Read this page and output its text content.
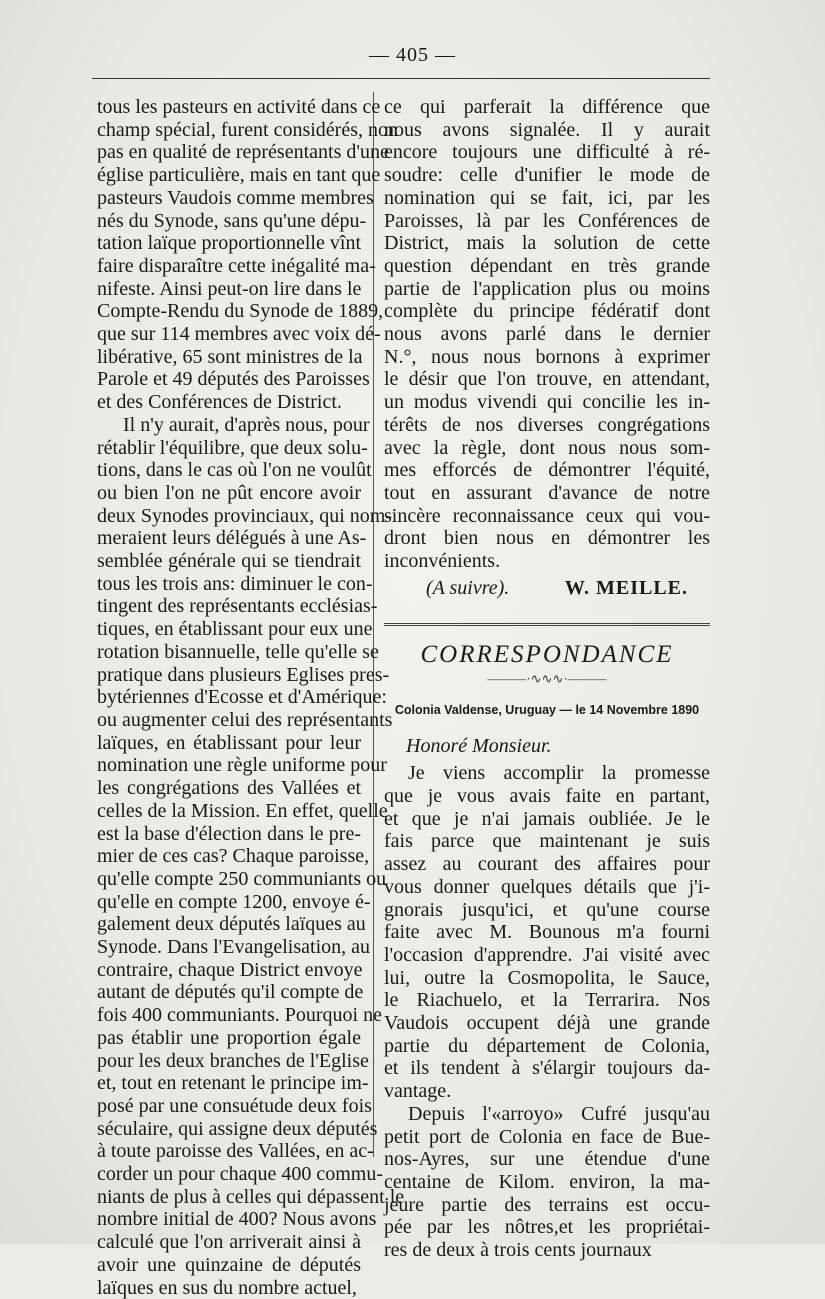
— 405 —
tous les pasteurs en activité dans ce
champ spécial, furent considérés, non
pas en qualité de représentants d'une
église particulière, mais en tant que
pasteurs Vaudois comme membres
nés du Synode, sans qu'une dépu-
tation laïque proportionnelle vînt
faire disparaître cette inégalité ma-
nifeste. Ainsi peut-on lire dans le
Compte-Rendu du Synode de 1889,
que sur 114 membres avec voix dé-
libérative, 65 sont ministres de la
Parole et 49 députés des Paroisses
et des Conférences de District.
Il n'y aurait, d'après nous, pour
rétablir l'équilibre, que deux solu-
tions, dans le cas où l'on ne voulût
ou bien l'on ne pût encore avoir
deux Synodes provinciaux, qui nom-
meraient leurs délégués à une As-
semblée générale qui se tiendrait
tous les trois ans: diminuer le con-
tingent des représentants ecclésias-
tiques, en établissant pour eux une
rotation bisannuelle, telle qu'elle se
pratique dans plusieurs Eglises pres-
bytériennes d'Ecosse et d'Amérique:
ou augmenter celui des représentants
laïques, en établissant pour leur
nomination une règle uniforme pour
les congrégations des Vallées et
celles de la Mission. En effet, quelle
est la base d'élection dans le pre-
mier de ces cas? Chaque paroisse,
qu'elle compte 250 communiants ou
qu'elle en compte 1200, envoye é-
galement deux députés laïques au
Synode. Dans l'Evangelisation, au
contraire, chaque District envoye
autant de députés qu'il compte de
fois 400 communiants. Pourquoi ne
pas établir une proportion égale
pour les deux branches de l'Eglise
et, tout en retenant le principe im-
posé par une consuétude deux fois
séculaire, qui assigne deux députés
à toute paroisse des Vallées, en ac-
corder un pour chaque 400 commu-
niants de plus à celles qui dépassent le
nombre initial de 400? Nous avons
calculé que l'on arriverait ainsi à
avoir une quinzaine de députés
laïques en sus du nombre actuel,
ce qui parferait la différence que
nous avons signalée. Il y aurait
encore toujours une difficulté à ré-
soudre: celle d'unifier le mode de
nomination qui se fait, ici, par les
Paroisses, là par les Conférences de
District, mais la solution de cette
question dépendant en très grande
partie de l'application plus ou moins
complète du principe fédératif dont
nous avons parlé dans le dernier
N.°, nous nous bornons à exprimer
le désir que l'on trouve, en attendant,
un modus vivendi qui concilie les in-
térêts de nos diverses congrégations
avec la règle, dont nous nous som-
mes efforcés de démontrer l'équité,
tout en assurant d'avance de notre
sincère reconnaissance ceux qui vou-
dront bien nous en démontrer les
inconvénients.
(A suivre).	W. MEILLE.
CORRESPONDANCE
———·∿∿∿·———
Colonia Valdense, Uruguay — le 14 Novembre 1890
Honoré Monsieur.
Je viens accomplir la promesse
que je vous avais faite en partant,
et que je n'ai jamais oubliée. Je le
fais parce que maintenant je suis
assez au courant des affaires pour
vous donner quelques détails que j'i-
gnorais jusqu'ici, et qu'une course
faite avec M. Bounous m'a fourni
l'occasion d'apprendre. J'ai visité avec
lui, outre la Cosmopolita, le Sauce,
le Riachuelo, et la Terrarira. Nos
Vaudois occupent déjà une grande
partie du département de Colonia,
et ils tendent à s'élargir toujours da-
vantage.
Depuis l'«arroyo» Cufré jusqu'au
petit port de Colonia en face de Bue-
nos-Ayres, sur une étendue d'une
centaine de Kilom. environ, la ma-
jeure partie des terrains est occu-
pée par les nôtres,et les propriétai-
res de deux à trois cents journaux
